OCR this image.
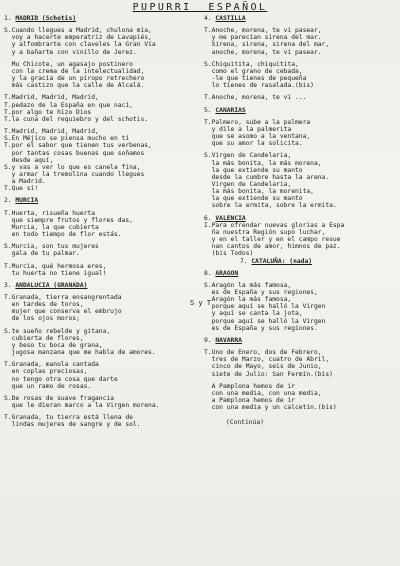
PUPURRI  ESPAÑOL

1. MADRID (Schotis)

S.Cuando llegues a Madrid, chulona mía,
voy a hacerte emperatriz de Lavapiés,
y alfombrarte con claveles la Gran Vía
y a bañarte con vinillo de Jerez.

Mu Chicote, un agasajo postinero
con la crema de la intelectualidad,
y la gracia de un piropo retrechero
más castizo que la calle de Alcalá.

T.Madrid, Madrid, Madrid,
T.pedazo de la España en que nací,
T.por algo te hizo Dios
T.la cuna del requiebro y del schotis.

T.Madrid, Madrid, Madrid,
S.En Méjico se piensa mucho en tí
T.por el sabor que tienen tus verbenas,
por tantas cosas buenas que soñamos
desde aquí,
S.y vas a ver lo que es canela fina,
y armar la tremolina cuando llegues
a Madrid.
T.Que sí!

2. MURCIA

T.Huerta, risueña huerta
que siempre frutos y flores das,
Murcia, la que cubierta
en todo tiempo de flor estás.

S.Murcia, son tus mujeres
gala de tu palmar.

T.Murcia, qué hermosa eres,
tu huerta no tiene igual!

3. ANDALUCIA (GRANADA)

T.Granada, tierra ensangrentada
en tardes de toros,
mujer que conserva el embrujo
de los ojos moros;

S.te sueño rebelde y gitana,
cubierta de flores,
y beso tu boca de grana,
jugosa manzana que me habla de amores.

T.Granada, manola cantada
en coplas preciosas,
no tengo otra cosa que darte
que un ramo de rosas.

S.De rosas de suave fragancia
que le dieran marco a la Virgen morena.

T.Granada, tu tierra está llena de
lindas mujeres de sangre y de sol.

S y T

4. CASTILLA

T.Anoche, morena, te vi pasear,
y me parecían sirena del mar.
Sirena, sirena, sirena del mar,
anoche, morena, te vi pasear.

S.Chiquitita, chiquitita,
como el grano de cebada,
-le que tienes de pequeña
lo tienes de rasalada.(bis)

T.Anoche, morena, te vi ...

5. CANARIAS

T.Palmero, sube a la palmera
y dile a la palmerita
que se asomo a la ventana,
que su amor la solicita.

S.Virgen de Candelaria,
la más bonita, la más morena,
la que extiende su manto
desde la cumbre hasta la arena.
Virgen de Candelaria,
la más bonita, la morenita,
la que extiende su manto
sobre la ermita, sobre la ermita.

6. VALENCIA

I.Para ofrendar nuevas glorias a Espa
ña nuestra Región supo luchar,
y en el taller y en el campo resue
nan cantos de amor, himnos de paz.
(bis Todos)

7. CATALUÑA: (nada)

8. ARAGON

S.Aragón la más famosa,
es de España y sus regiones,
Aragón la más famosa,
porque aquí se halló la Virgen
y aquí se canta la jota,
porque aquí se halló la Virgen
es de España y sus regiones.

9. NAVARRA

T.Uno de Enero, dos de Febrero,
tres de Marzo, cuatro de Abril,
cinco de Mayo, seis de Junio,
siete de Julio: San Fermín.(bis)

A Pamplona hemos de ir
con una media, con una media,
a Pamplona hemos de ir
con una media y un calcetín.(bis)

(Continúa)
